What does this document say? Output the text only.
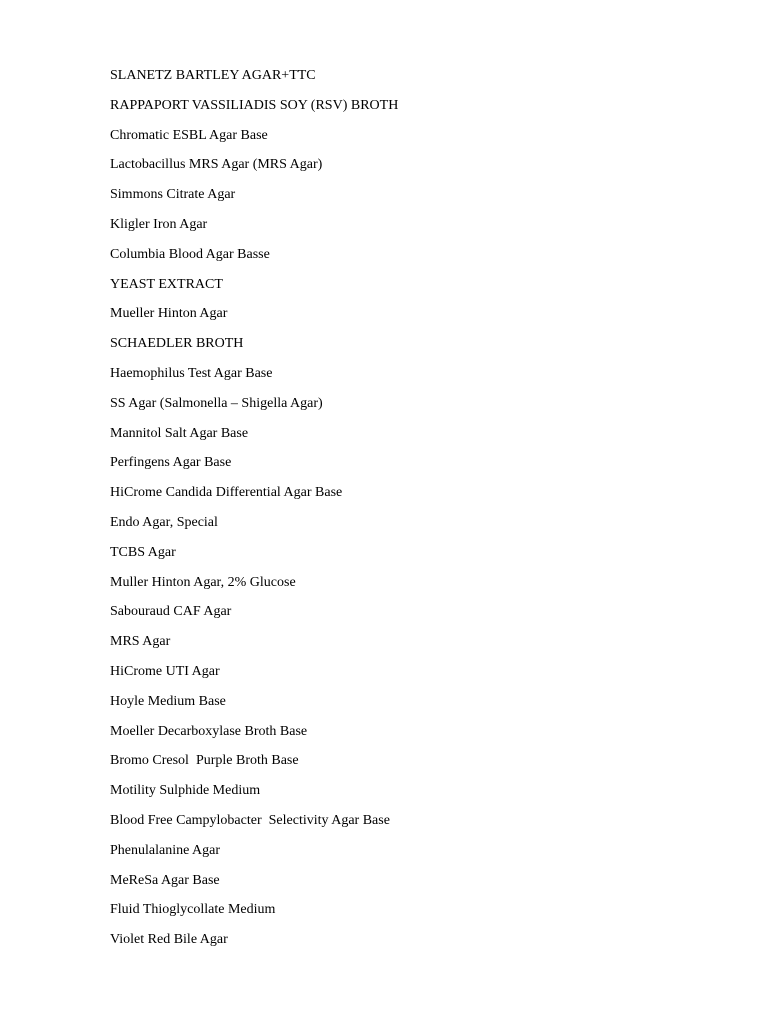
SLANETZ BARTLEY AGAR+TTC
RAPPAPORT VASSILIADIS SOY (RSV) BROTH
Chromatic ESBL Agar Base
Lactobacillus MRS Agar (MRS Agar)
Simmons Citrate Agar
Kligler Iron Agar
Columbia Blood Agar Basse
YEAST EXTRACT
Mueller Hinton Agar
SCHAEDLER BROTH
Haemophilus Test Agar Base
SS Agar (Salmonella – Shigella Agar)
Mannitol Salt Agar Base
Perfingens Agar Base
HiCrome Candida Differential Agar Base
Endo Agar, Special
TCBS Agar
Muller Hinton Agar, 2% Glucose
Sabouraud CAF Agar
MRS Agar
HiCrome UTI Agar
Hoyle Medium Base
Moeller Decarboxylase Broth Base
Bromo Cresol  Purple Broth Base
Motility Sulphide Medium
Blood Free Campylobacter  Selectivity Agar Base
Phenulalanine Agar
MeReSa Agar Base
Fluid Thioglycollate Medium
Violet Red Bile Agar
